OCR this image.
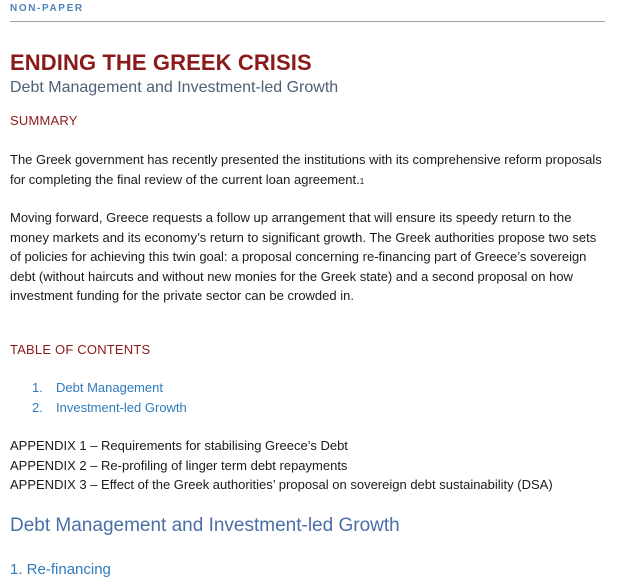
NON-PAPER
ENDING THE GREEK CRISIS
Debt Management and Investment-led Growth
SUMMARY
The Greek government has recently presented the institutions with its comprehensive reform proposals for completing the final review of the current loan agreement.1
Moving forward, Greece requests a follow up arrangement that will ensure its speedy return to the money markets and its economy’s return to significant growth. The Greek authorities propose two sets of policies for achieving this twin goal: a proposal concerning re-financing part of Greece’s sovereign debt (without haircuts and without new monies for the Greek state) and a second proposal on how investment funding for the private sector can be crowded in.
TABLE OF CONTENTS
1. Debt Management
2. Investment-led Growth
APPENDIX 1 – Requirements for stabilising Greece’s Debt
APPENDIX 2 – Re-profiling of linger term debt repayments
APPENDIX 3 – Effect of the Greek authorities’ proposal on sovereign debt sustainability (DSA)
Debt Management and Investment-led Growth
1. Re-financing
